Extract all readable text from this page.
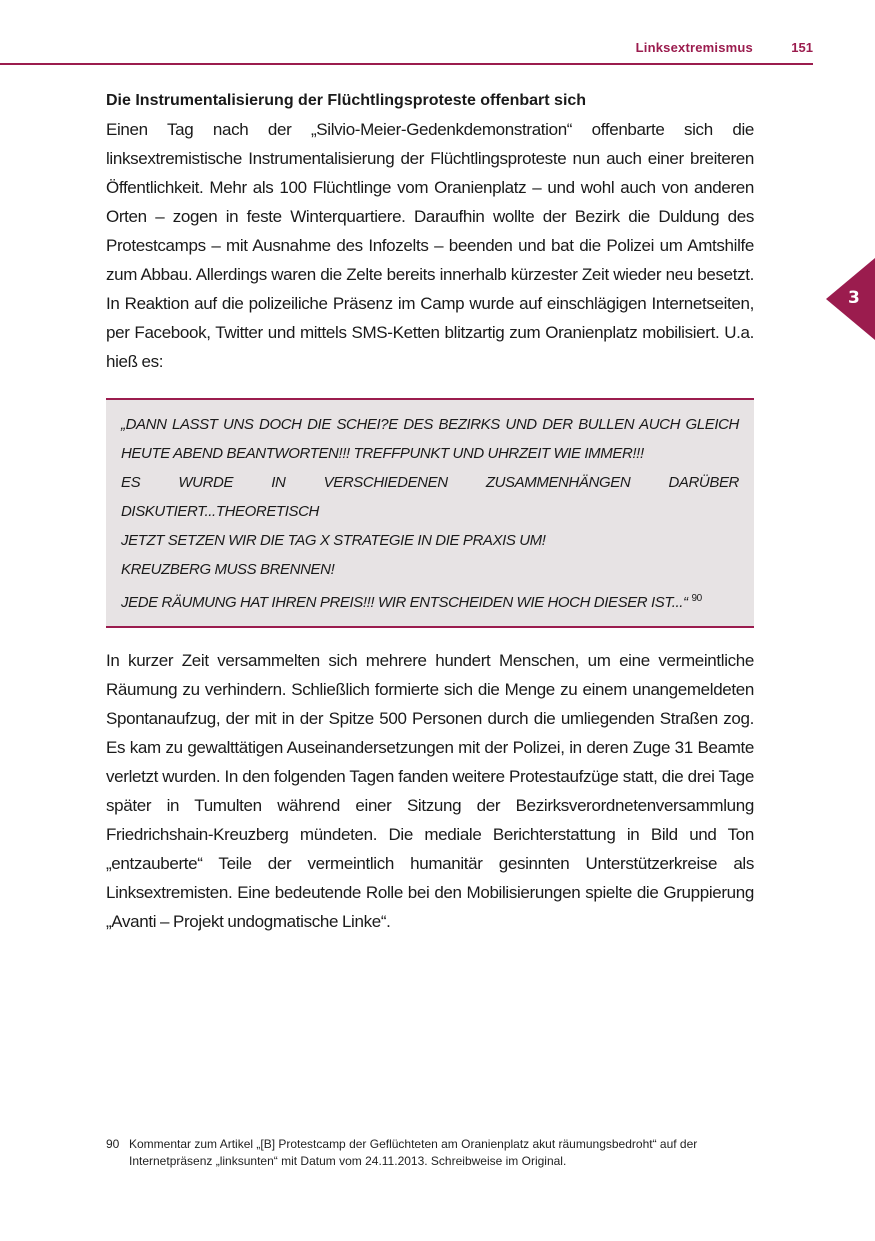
Linksextremismus	151
3

Die Instrumentalisierung der Flüchtlingsproteste offenbart sich

Einen Tag nach der „Silvio-Meier-Gedenkdemonstration“ offenbarte sich die linksextremistische Instrumentalisierung der Flüchtlingsproteste nun auch einer breiteren Öffentlichkeit. Mehr als 100 Flüchtlinge vom Oranienplatz – und wohl auch von anderen Orten – zogen in feste Winterquartiere. Daraufhin wollte der Bezirk die Duldung des Protestcamps – mit Ausnahme des Infozelts – beenden und bat die Polizei um Amtshilfe zum Abbau. Allerdings waren die Zelte bereits innerhalb kürzester Zeit wieder neu besetzt. In Reaktion auf die polizeiliche Präsenz im Camp wurde auf einschlägigen Internetseiten, per Facebook, Twitter und mittels SMS-Ketten blitzartig zum Oranienplatz mobilisiert. U.a. hieß es:

„DANN LASST UNS DOCH DIE SCHEI?E DES BEZIRKS UND DER BULLEN AUCH GLEICH HEUTE ABEND BEANTWORTEN!!! TREFFPUNKT UND UHRZEIT WIE IMMER!!!

ES WURDE IN VERSCHIEDENEN ZUSAMMENHÄNGEN DARÜBER DISKUTIERT...THEORETISCH

JETZT SETZEN WIR DIE TAG X STRATEGIE IN DIE PRAXIS UM!

KREUZBERG MUSS BRENNEN!

JEDE RÄUMUNG HAT IHREN PREIS!!! WIR ENTSCHEIDEN WIE HOCH DIESER IST...“ $^{90}$

In kurzer Zeit versammelten sich mehrere hundert Menschen, um eine vermeintliche Räumung zu verhindern. Schließlich formierte sich die Menge zu einem unangemeldeten Spontanaufzug, der mit in der Spitze 500 Personen durch die umliegenden Straßen zog. Es kam zu gewalttätigen Auseinandersetzungen mit der Polizei, in deren Zuge 31 Beamte verletzt wurden. In den folgenden Tagen fanden weitere Protestaufzüge statt, die drei Tage später in Tumulten während einer Sitzung der Bezirksverordnetenversammlung Friedrichshain-Kreuzberg mündeten. Die mediale Berichterstattung in Bild und Ton „entzauberte“ Teile der vermeintlich humanitär gesinnten Unterstützerkreise als Linksextremisten. Eine bedeutende Rolle bei den Mobilisierungen spielte die Gruppierung „Avanti – Projekt undogmatische Linke“.

90 Kommentar zum Artikel „[B] Protestcamp der Geflüchteten am Oranienplatz akut räumungsbedroht“ auf der Internetpräsenz „linksunten“ mit Datum vom 24.11.2013. Schreibweise im Original.
